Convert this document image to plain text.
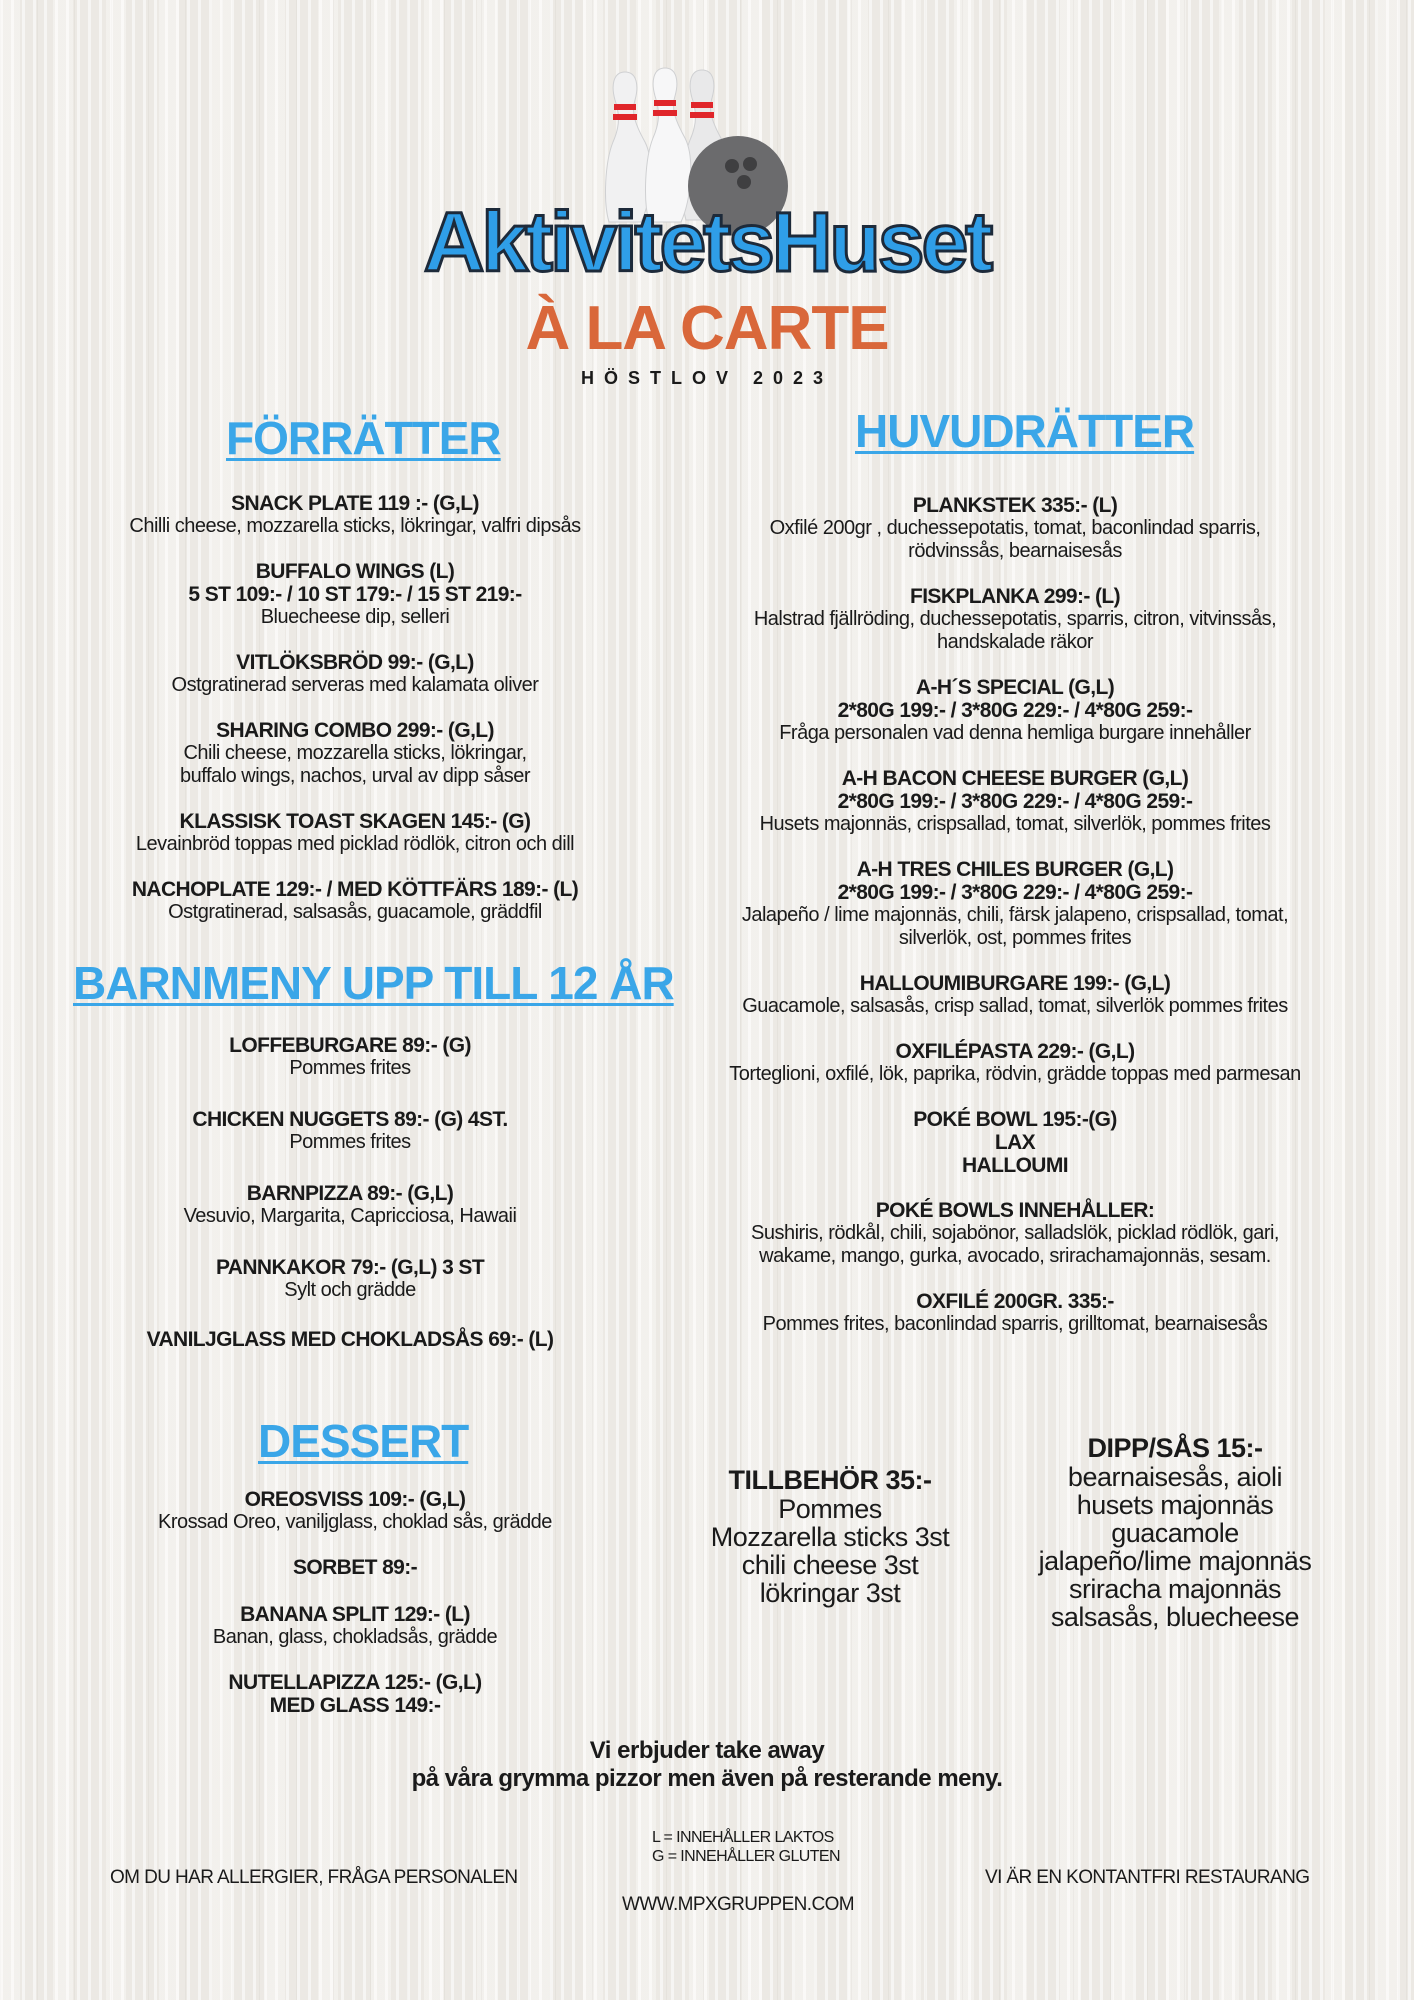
AktivitetsHuset
À LA CARTE
HÖSTLOV 2023
FÖRRÄTTER
SNACK PLATE 119 :- (G,L)
Chilli cheese, mozzarella sticks, lökringar, valfri dipsås
BUFFALO WINGS (L)
5 ST 109:- / 10 ST 179:- / 15 ST 219:-
Bluecheese dip, selleri
VITLÖKSBRÖD 99:- (G,L)
Ostgratinerad serveras med kalamata oliver
SHARING COMBO 299:- (G,L)
Chili cheese, mozzarella sticks, lökringar,
buffalo wings, nachos, urval av dipp såser
KLASSISK TOAST SKAGEN 145:- (G)
Levainbröd toppas med picklad rödlök, citron och dill
NACHOPLATE 129:- / MED KÖTTFÄRS 189:- (L)
Ostgratinerad, salsasås, guacamole, gräddfil
BARNMENY UPP TILL 12 ÅR
LOFFEBURGARE 89:- (G)
Pommes frites
CHICKEN NUGGETS 89:- (G) 4ST.
Pommes frites
BARNPIZZA 89:- (G,L)
Vesuvio, Margarita, Capricciosa, Hawaii
PANNKAKOR 79:- (G,L) 3 ST
Sylt och grädde
VANILJGLASS MED CHOKLADSÅS 69:- (L)
DESSERT
OREOSVISS 109:- (G,L)
Krossad Oreo, vaniljglass, choklad sås, grädde
SORBET 89:-
BANANA SPLIT 129:- (L)
Banan, glass, chokladsås, grädde
NUTELLAPIZZA 125:- (G,L)
MED GLASS 149:-
HUVUDRÄTTER
PLANKSTEK 335:- (L)
Oxfilé 200gr , duchessepotatis, tomat, baconlindad sparris,
rödvinssås, bearnaisesås
FISKPLANKA 299:- (L)
Halstrad fjällröding, duchessepotatis, sparris, citron, vitvinssås,
handskalade räkor
A-H´S SPECIAL (G,L)
2*80G 199:- / 3*80G 229:- / 4*80G 259:-
Fråga personalen vad denna hemliga burgare innehåller
A-H BACON CHEESE BURGER (G,L)
2*80G 199:- / 3*80G 229:- / 4*80G 259:-
Husets majonnäs, crispsallad, tomat, silverlök, pommes frites
A-H TRES CHILES BURGER (G,L)
2*80G 199:- / 3*80G 229:- / 4*80G 259:-
Jalapeño / lime majonnäs, chili, färsk jalapeno, crispsallad, tomat,
silverlök, ost, pommes frites
HALLOUMIBURGARE 199:- (G,L)
Guacamole, salsasås, crisp sallad, tomat, silverlök pommes frites
OXFILÉPASTA 229:- (G,L)
Torteglioni, oxfilé, lök, paprika, rödvin, grädde toppas med parmesan
POKÉ BOWL 195:-(G)
LAX
HALLOUMI
POKÉ BOWLS INNEHÅLLER:
Sushiris, rödkål, chili, sojabönor, salladslök, picklad rödlök, gari,
wakame, mango, gurka, avocado, srirachamajonnäs, sesam.
OXFILÉ 200GR. 335:-
Pommes frites, baconlindad sparris, grilltomat, bearnaisesås
TILLBEHÖR 35:-
Pommes
Mozzarella sticks 3st
chili cheese 3st
lökringar 3st
DIPP/SÅS 15:-
bearnaisesås, aioli
husets majonnäs
guacamole
jalapeño/lime majonnäs
sriracha majonnäs
salsasås, bluecheese
Vi erbjuder take away
på våra grymma pizzor men även på resterande meny.
L = INNEHÅLLER LAKTOS
G = INNEHÅLLER GLUTEN
OM DU HAR ALLERGIER, FRÅGA PERSONALEN
WWW.MPXGRUPPEN.COM
VI ÄR EN KONTANTFRI RESTAURANG
